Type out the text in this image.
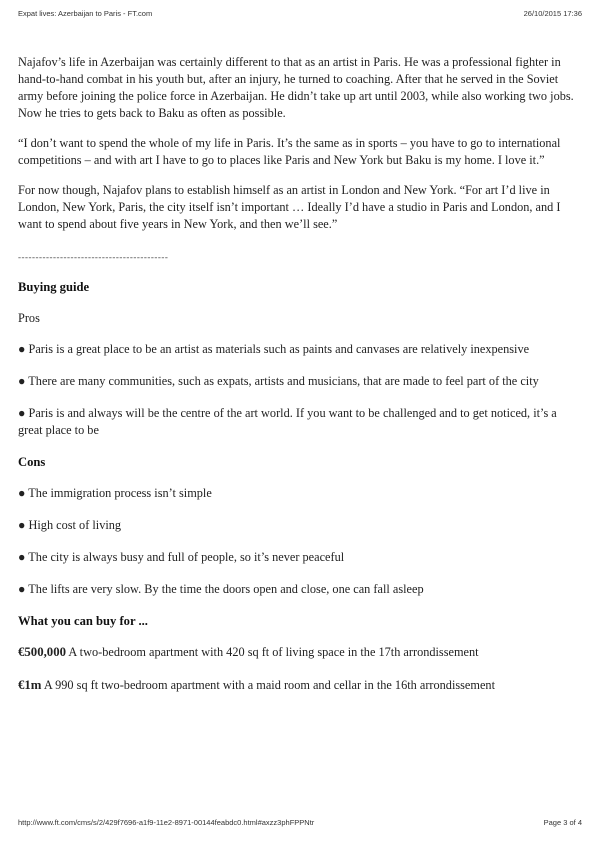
Expat lives: Azerbaijan to Paris - FT.com	26/10/2015 17:36

Najafov’s life in Azerbaijan was certainly different to that as an artist in Paris. He was a professional fighter in hand-to-hand combat in his youth but, after an injury, he turned to coaching. After that he served in the Soviet army before joining the police force in Azerbaijan. He didn’t take up art until 2003, while also working two jobs. Now he tries to gets back to Baku as often as possible.

“I don’t want to spend the whole of my life in Paris. It’s the same as in sports – you have to go to international competitions – and with art I have to go to places like Paris and New York but Baku is my home. I love it.”

For now though, Najafov plans to establish himself as an artist in London and New York. “For art I’d live in London, New York, Paris, the city itself isn’t important … Ideally I’d have a studio in Paris and London, and I want to spend about five years in New York, and then we’ll see.”

-------------------------------------------
Buying guide
Pros
● Paris is a great place to be an artist as materials such as paints and canvases are relatively inexpensive
● There are many communities, such as expats, artists and musicians, that are made to feel part of the city
● Paris is and always will be the centre of the art world. If you want to be challenged and to get noticed, it’s a great place to be
Cons
● The immigration process isn’t simple
● High cost of living
● The city is always busy and full of people, so it’s never peaceful
● The lifts are very slow. By the time the doors open and close, one can fall asleep
What you can buy for ...
€500,000 A two-bedroom apartment with 420 sq ft of living space in the 17th arrondissement
€1m A 990 sq ft two-bedroom apartment with a maid room and cellar in the 16th arrondissement
http://www.ft.com/cms/s/2/429f7696-a1f9-11e2-8971-00144feabdc0.html#axzz3phFPPNtr	Page 3 of 4
